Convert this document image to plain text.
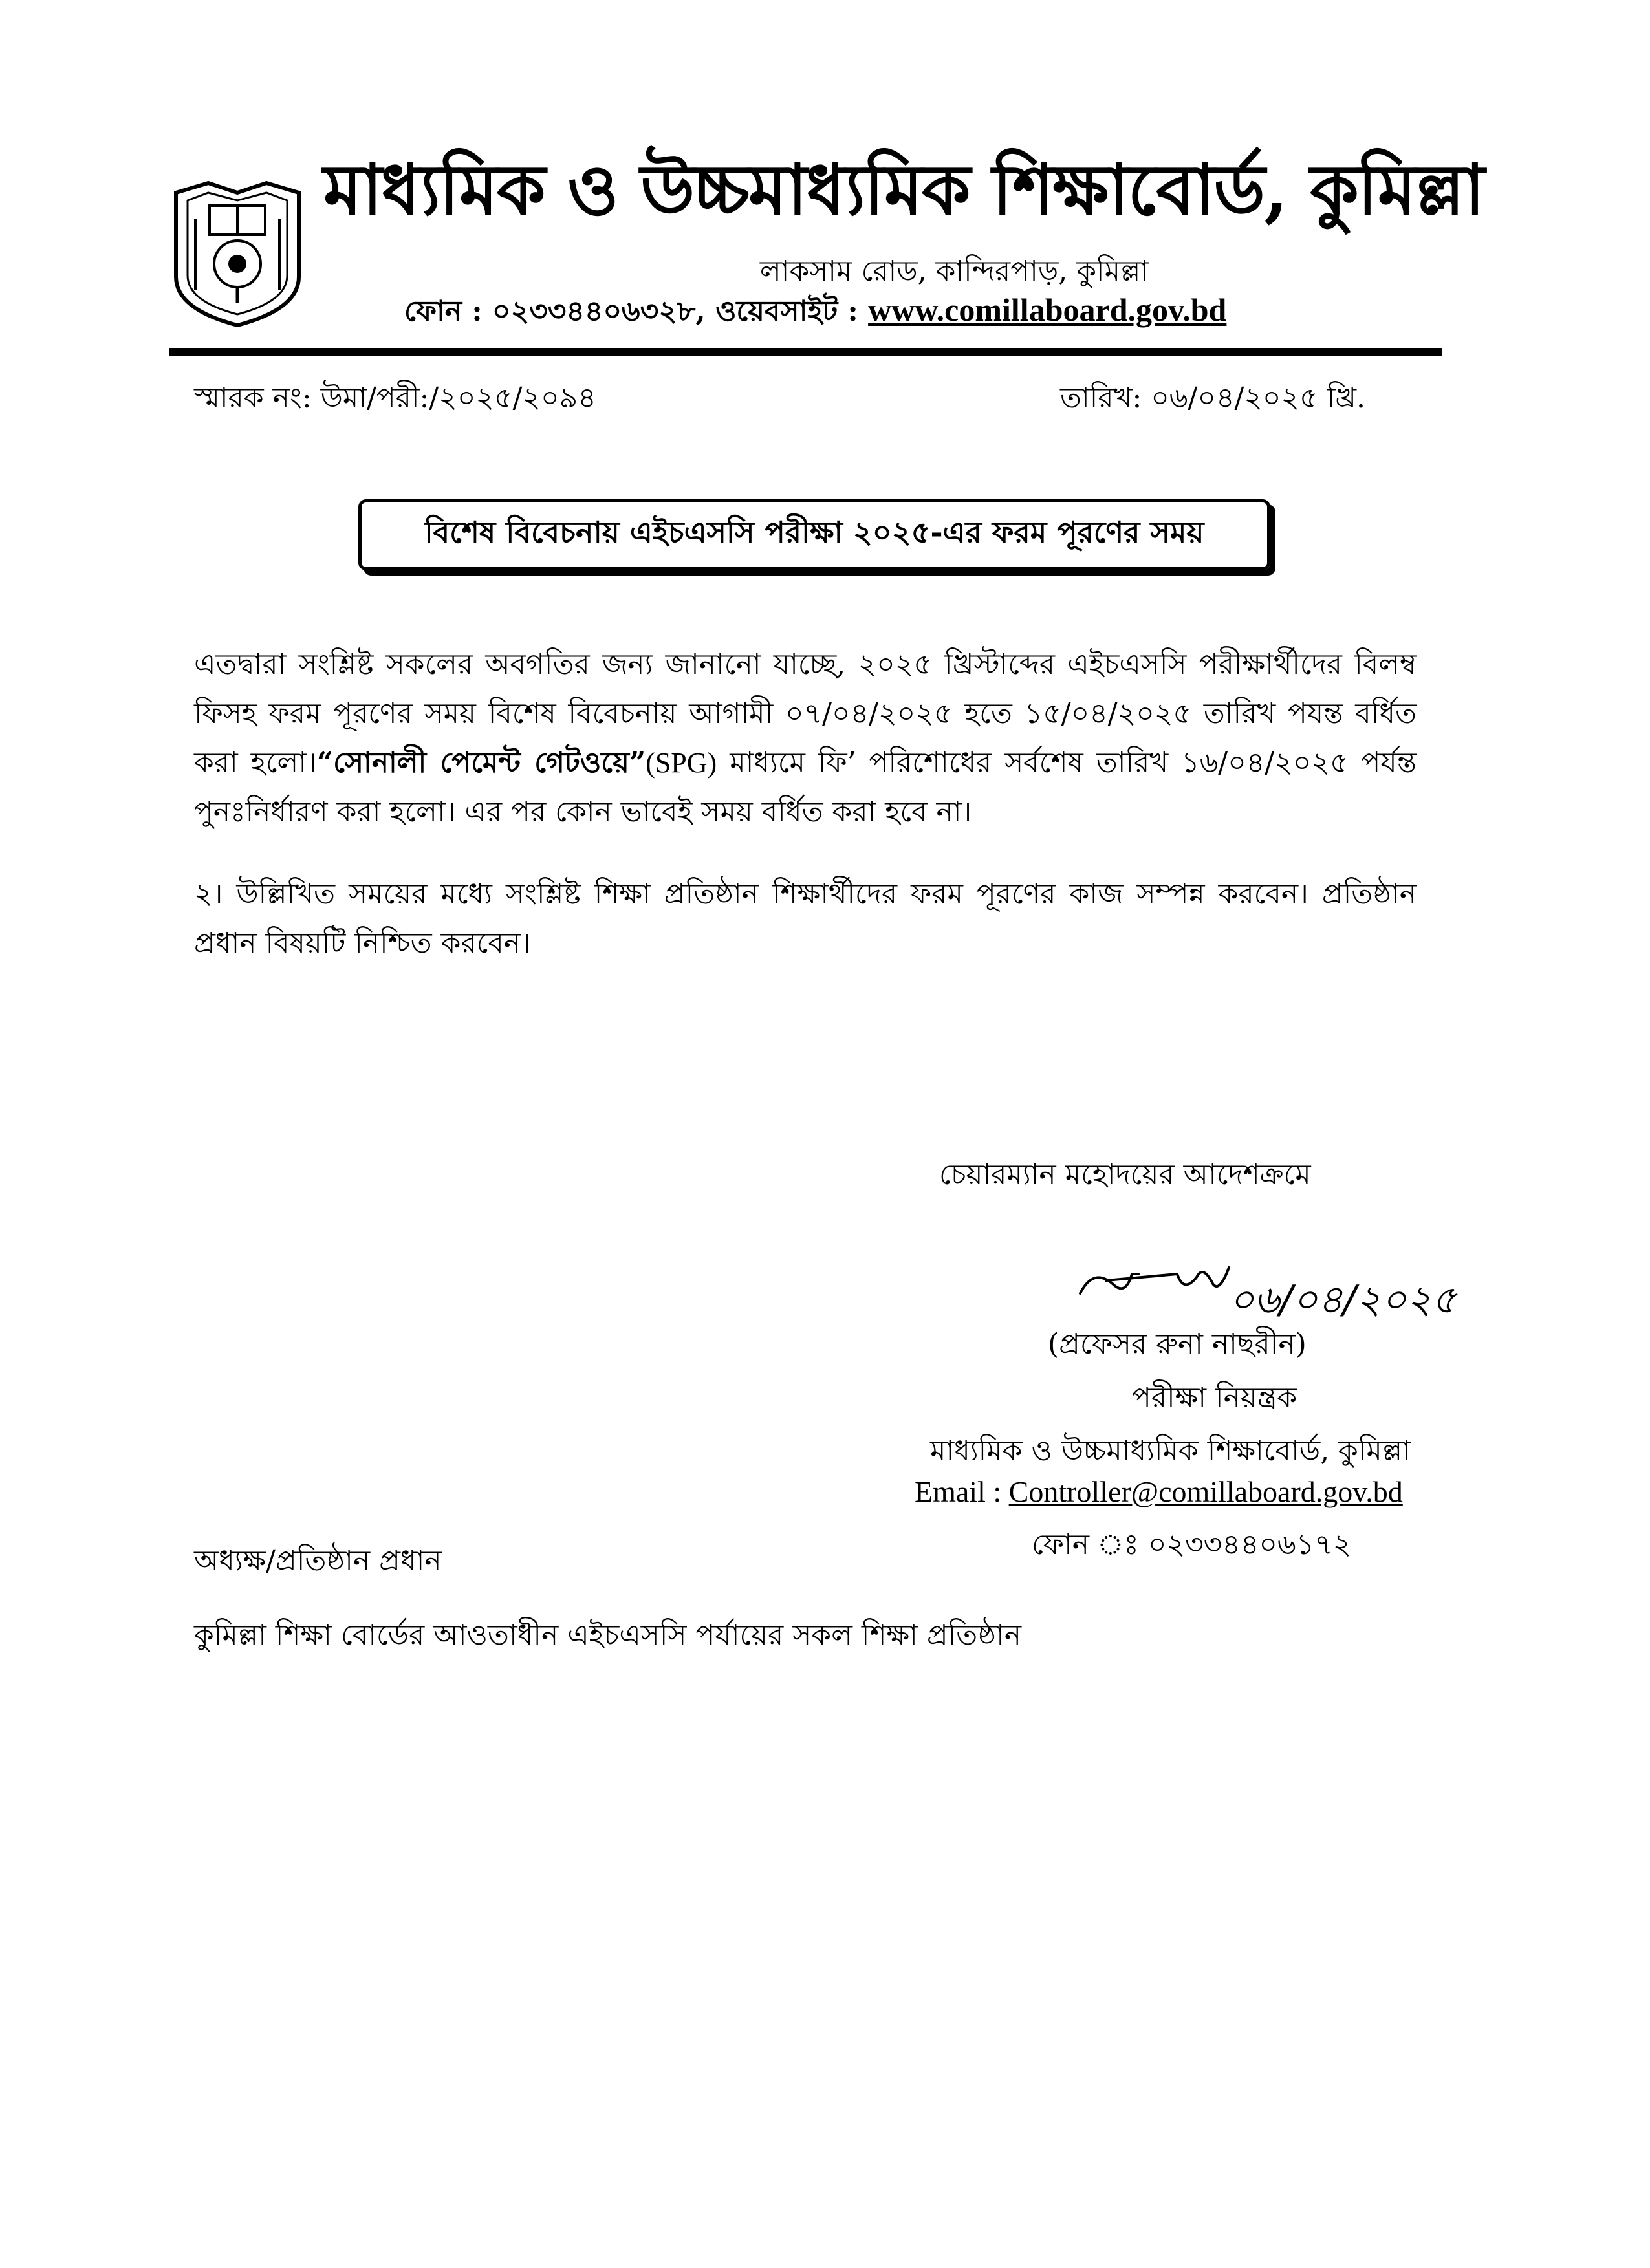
মাধ্যমিক ও উচ্চমাধ্যমিক শিক্ষাবোর্ড, কুমিল্লা
লাকসাম রোড, কান্দিরপাড়, কুমিল্লা
ফোন : ০২৩৩৪৪০৬৩২৮, ওয়েবসাইট : www.comillaboard.gov.bd
স্মারক নং: উমা/পরী:/২০২৫/২০৯৪	তারিখ: ০৬/০৪/২০২৫ খ্রি.
বিশেষ বিবেচনায় এইচএসসি পরীক্ষা ২০২৫-এর ফরম পূরণের সময়
এতদ্বারা সংশ্লিষ্ট সকলের অবগতির জন্য জানানো যাচ্ছে, ২০২৫ খ্রিস্টাব্দের এইচএসসি পরীক্ষার্থীদের বিলম্ব ফিসহ ফরম পূরণের সময় বিশেষ বিবেচনায় আগামী ০৭/০৪/২০২৫ হতে ১৫/০৪/২০২৫ তারিখ পযন্ত বর্ধিত করা হলো।“সোনালী পেমেন্ট গেটওয়ে”(SPG) মাধ্যমে ফি’ পরিশোধের সর্বশেষ তারিখ ১৬/০৪/২০২৫ পর্যন্ত পুনঃনির্ধারণ করা হলো। এর পর কোন ভাবেই সময় বর্ধিত করা হবে না।
২। উল্লিখিত সময়ের মধ্যে সংশ্লিষ্ট শিক্ষা প্রতিষ্ঠান শিক্ষার্থীদের ফরম পূরণের কাজ সম্পন্ন করবেন। প্রতিষ্ঠান প্রধান বিষয়টি নিশ্চিত করবেন।
চেয়ারম্যান মহোদয়ের আদেশক্রমে
০৬/০৪/২০২৫
(প্রফেসর রুনা নাছরীন)
পরীক্ষা নিয়ন্ত্রক
মাধ্যমিক ও উচ্চমাধ্যমিক শিক্ষাবোর্ড, কুমিল্লা
Email : Controller@comillaboard.gov.bd
ফোন ঃ ০২৩৩৪৪০৬১৭২
অধ্যক্ষ/প্রতিষ্ঠান প্রধান
কুমিল্লা শিক্ষা বোর্ডের আওতাধীন এইচএসসি পর্যায়ের সকল শিক্ষা প্রতিষ্ঠান
